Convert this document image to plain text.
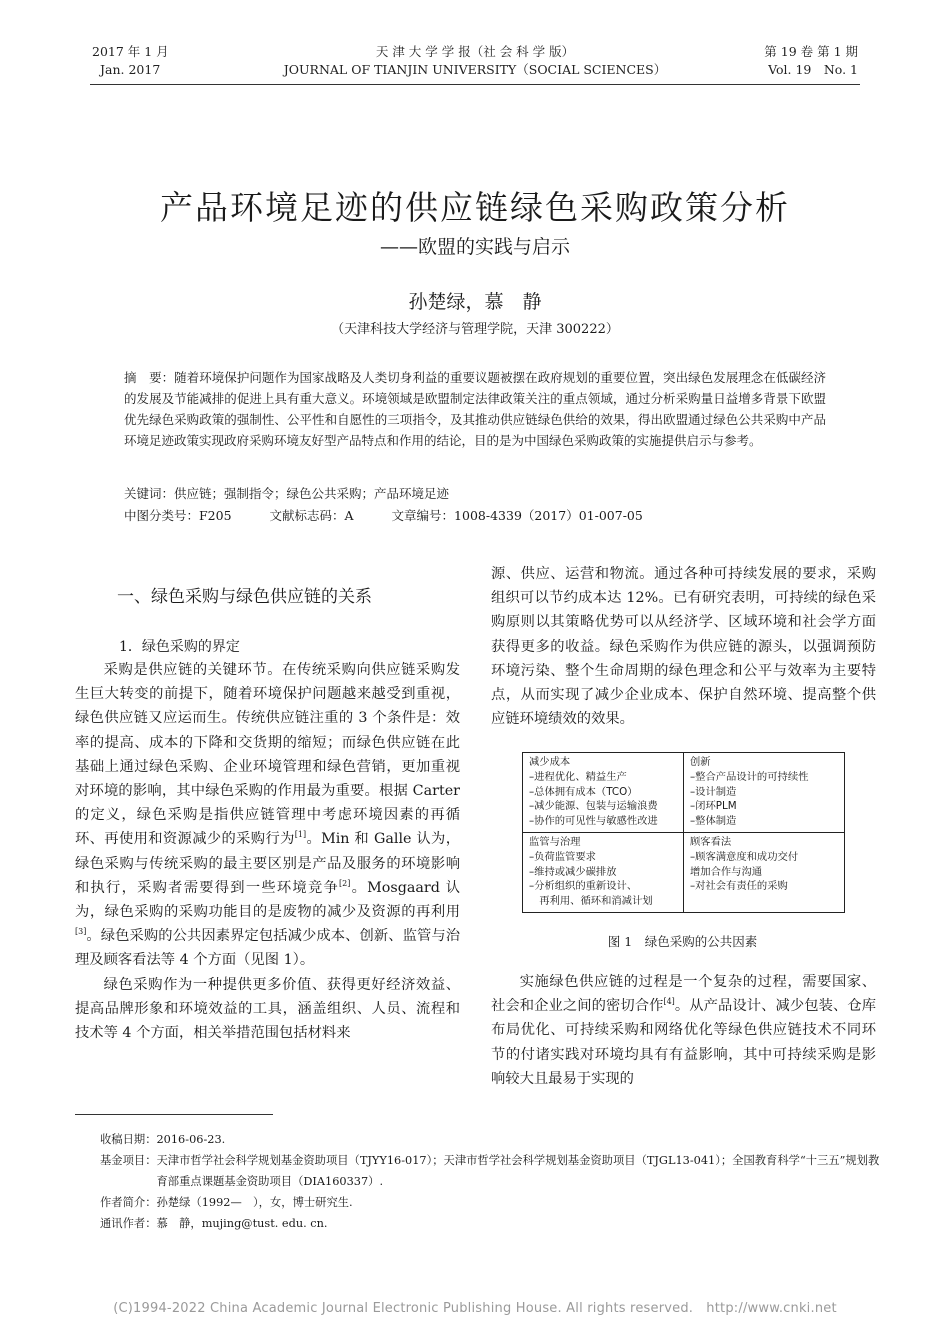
2017 年 1 月
Jan. 2017
天 津 大 学 学 报（社 会 科 学 版）
JOURNAL OF TIANJIN UNIVERSITY（SOCIAL SCIENCES）
第 19 卷 第 1 期
Vol. 19　No. 1
产品环境足迹的供应链绿色采购政策分析
——欧盟的实践与启示
孙楚绿，慕　静
（天津科技大学经济与管理学院，天津 300222）
摘　要：随着环境保护问题作为国家战略及人类切身利益的重要议题被摆在政府规划的重要位置，突出绿色发展理念在低碳经济的发展及节能减排的促进上具有重大意义。环境领域是欧盟制定法律政策关注的重点领域，通过分析采购量日益增多背景下欧盟优先绿色采购政策的强制性、公平性和自愿性的三项指令，及其推动供应链绿色供给的效果，得出欧盟通过绿色公共采购中产品环境足迹政策实现政府采购环境友好型产品特点和作用的结论，目的是为中国绿色采购政策的实施提供启示与参考。
关键词：供应链；强制指令；绿色公共采购；产品环境足迹
中图分类号：F205	文献标志码：A	文章编号：1008-4339（2017）01-007-05
一、绿色采购与绿色供应链的关系
1．绿色采购的界定

采购是供应链的关键环节。在传统采购向供应链采购发生巨大转变的前提下，随着环境保护问题越来越受到重视，绿色供应链又应运而生。传统供应链注重的 3 个条件是：效率的提高、成本的下降和交货期的缩短；而绿色供应链在此基础上通过绿色采购、企业环境管理和绿色营销，更加重视对环境的影响，其中绿色采购的作用最为重要。根据 Carter 的定义，绿色采购是指供应链管理中考虑环境因素的再循环、再使用和资源减少的采购行为[1]。Min 和 Galle 认为，绿色采购与传统采购的最主要区别是产品及服务的环境影响和执行，采购者需要得到一些环境竞争[2]。Mosgaard 认为，绿色采购的采购功能目的是废物的减少及资源的再利用[3]。绿色采购的公共因素界定包括减少成本、创新、监管与治理及顾客看法等 4 个方面（见图 1）。

绿色采购作为一种提供更多价值、获得更好经济效益、提高品牌形象和环境效益的工具，涵盖组织、人员、流程和技术等 4 个方面，相关举措范围包括材料来

源、供应、运营和物流。通过各种可持续发展的要求，采购组织可以节约成本达 12%。已有研究表明，可持续的绿色采购原则以其策略优势可以从经济学、区域环境和社会学方面获得更多的收益。绿色采购作为供应链的源头，以强调预防环境污染、整个生命周期的绿色理念和公平与效率为主要特点，从而实现了减少企业成本、保护自然环境、提高整个供应链环境绩效的效果。

减少成本
–进程优化、精益生产
–总体拥有成本（TCO）
–减少能源、包装与运输浪费
–协作的可见性与敏感性改进
创新
–整合产品设计的可持续性
–设计制造
–闭环PLM
–整体制造
监管与治理
–负荷监管要求
–维持或减少碳排放
–分析组织的重新设计、
　再利用、循环和消减计划
顾客看法
–顾客满意度和成功交付
增加合作与沟通
–对社会有责任的采购
图 1　绿色采购的公共因素

实施绿色供应链的过程是一个复杂的过程，需要国家、社会和企业之间的密切合作[4]。从产品设计、减少包装、仓库布局优化、可持续采购和网络优化等绿色供应链技术不同环节的付诸实践对环境均具有有益影响，其中可持续采购是影响较大且最易于实现的

收稿日期： 2016-06-23.
基金项目： 天津市哲学社会科学规划基金资助项目（TJYY16-017）；天津市哲学社会科学规划基金资助项目（TJGL13-041）；全国教育科学“十三五”规划教育部重点课题基金资助项目（DIA160337）.
作者简介： 孙楚绿（1992—　），女，博士研究生.
通讯作者： 慕　静，mujing@tust. edu. cn.
(C)1994-2022 China Academic Journal Electronic Publishing House. All rights reserved.　http://www.cnki.net
